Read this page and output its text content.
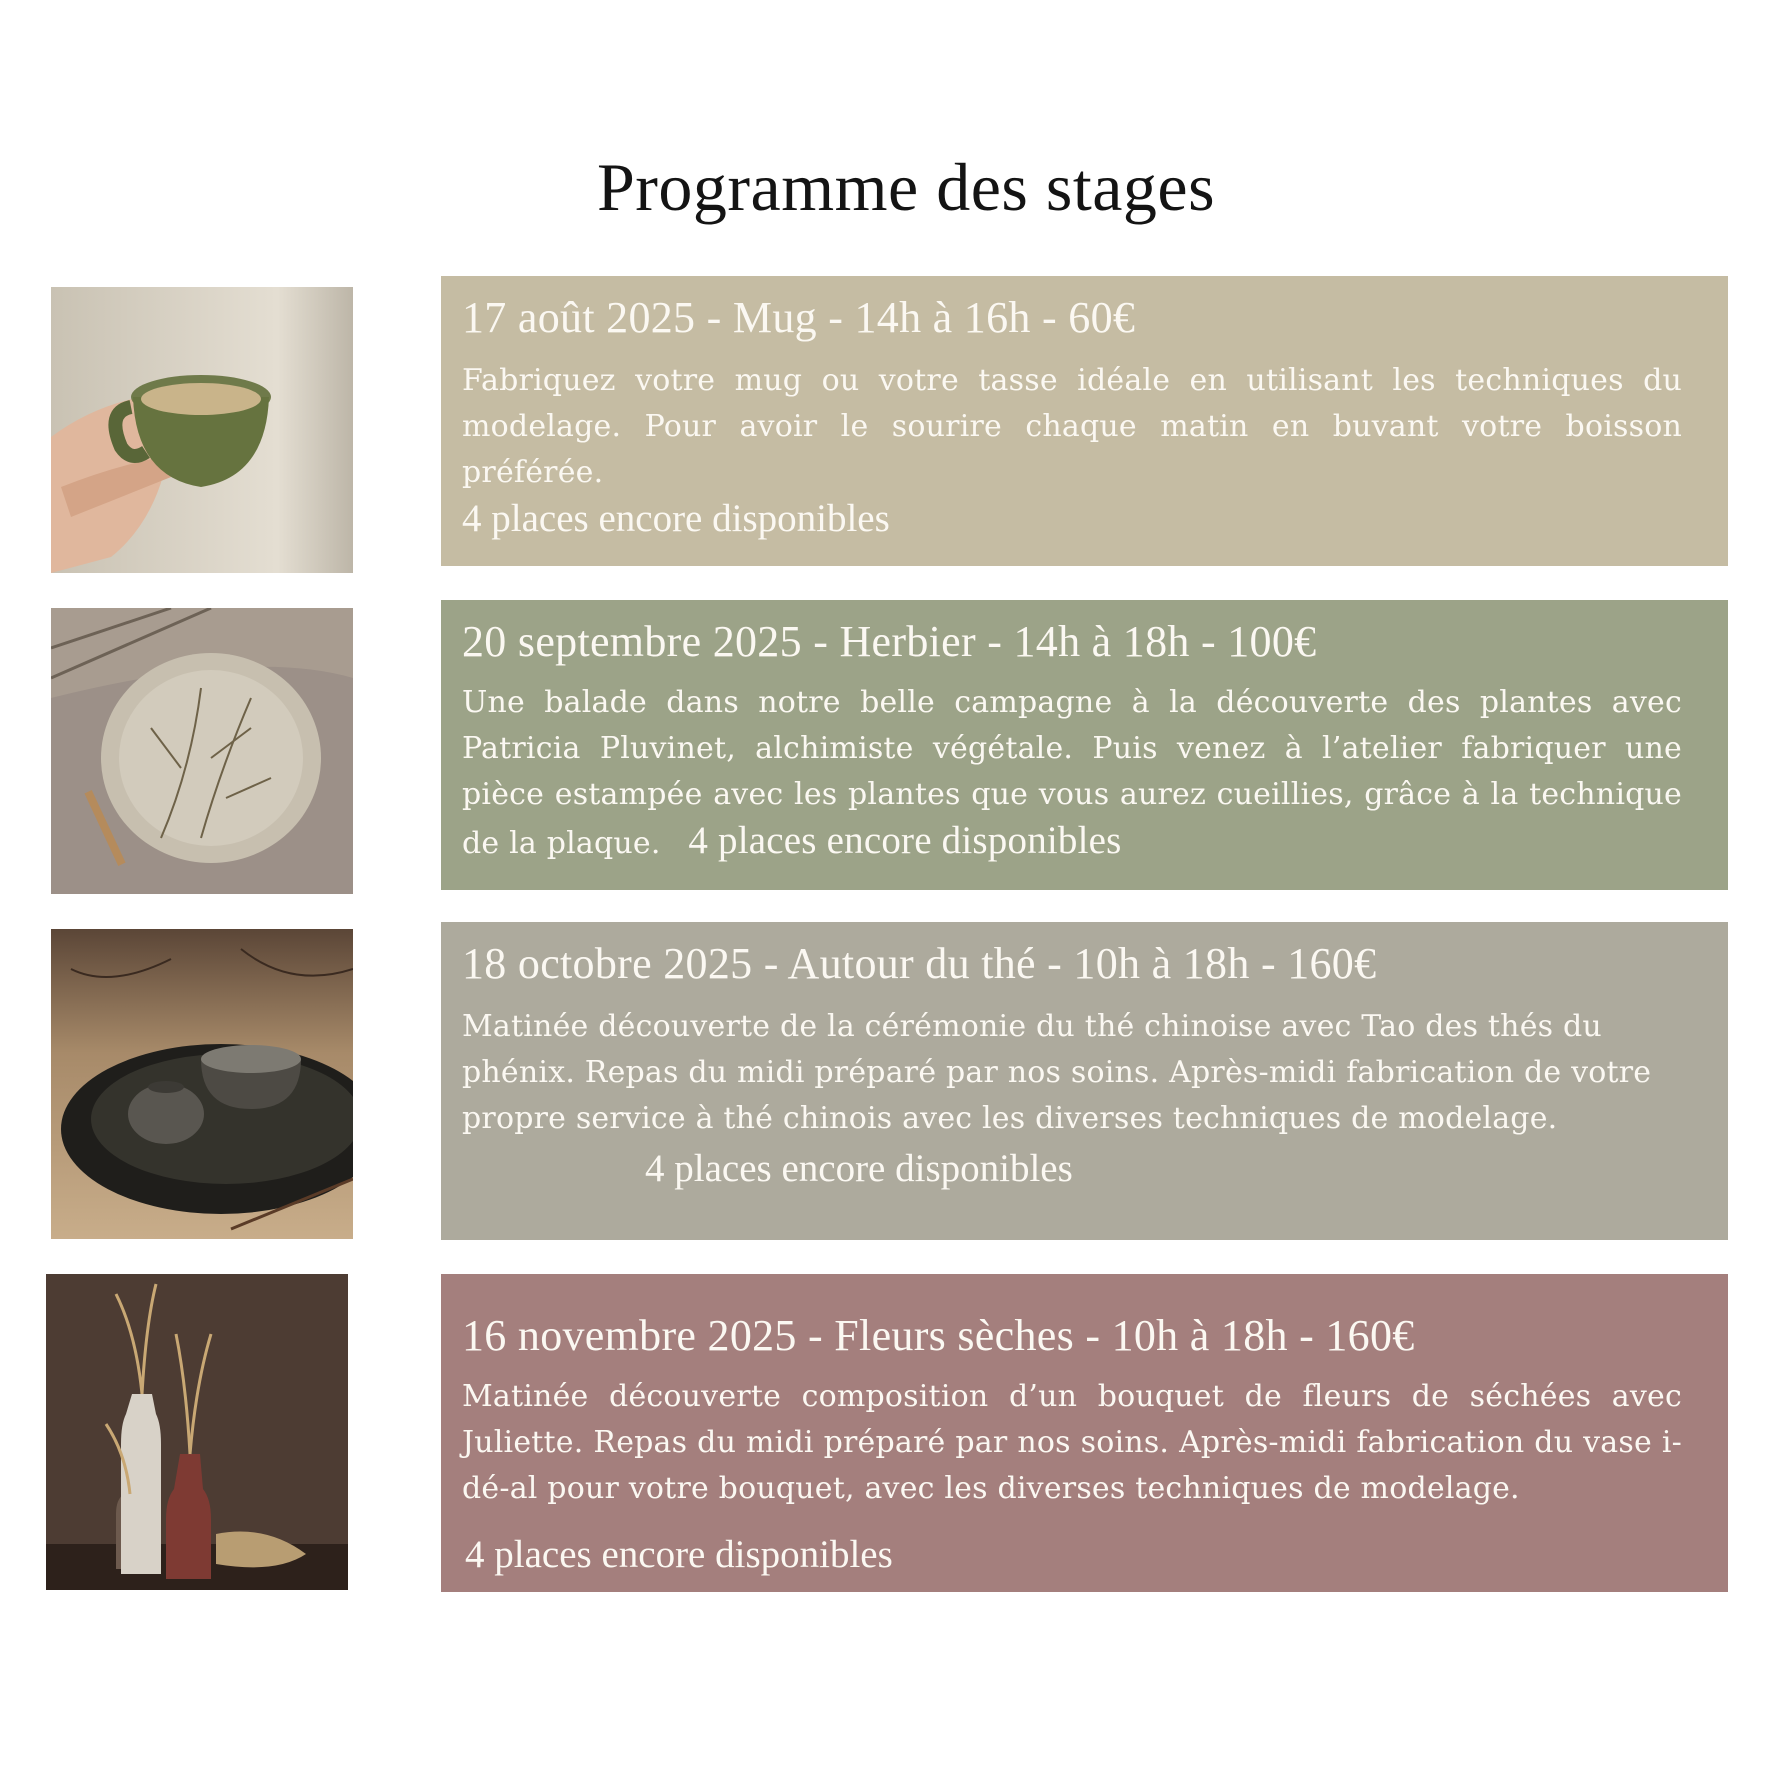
Programme des stages
17 août 2025 - Mug - 14h à 16h - 60€
Fabriquez votre mug ou votre tasse idéale en utilisant les techniques du modelage. Pour avoir le sourire chaque matin en buvant votre boisson préférée.
4 places encore disponibles
20 septembre 2025 - Herbier - 14h à 18h - 100€
Une balade dans notre belle campagne à la découverte des plantes avec Patricia Pluvinet, alchimiste végétale. Puis venez à l’atelier fabriquer une pièce estampée avec les plantes que vous aurez cueillies, grâce à la technique de la plaque. 4 places encore disponibles
18 octobre 2025 - Autour du thé - 10h à 18h - 160€
Matinée découverte de la cérémonie du thé chinoise avec Tao des thés du phénix. Repas du midi préparé par nos soins. Après-midi fabrication de votre propre service à thé chinois avec les diverses techniques de modelage.
4 places encore disponibles
16 novembre 2025 - Fleurs sèches - 10h à 18h - 160€
Matinée découverte composition d’un bouquet de fleurs de séchées avec Juliette. Repas du midi préparé par nos soins. Après-midi fabrication du vase i-dé-al pour votre bouquet, avec les diverses techniques de modelage.
4 places encore disponibles
